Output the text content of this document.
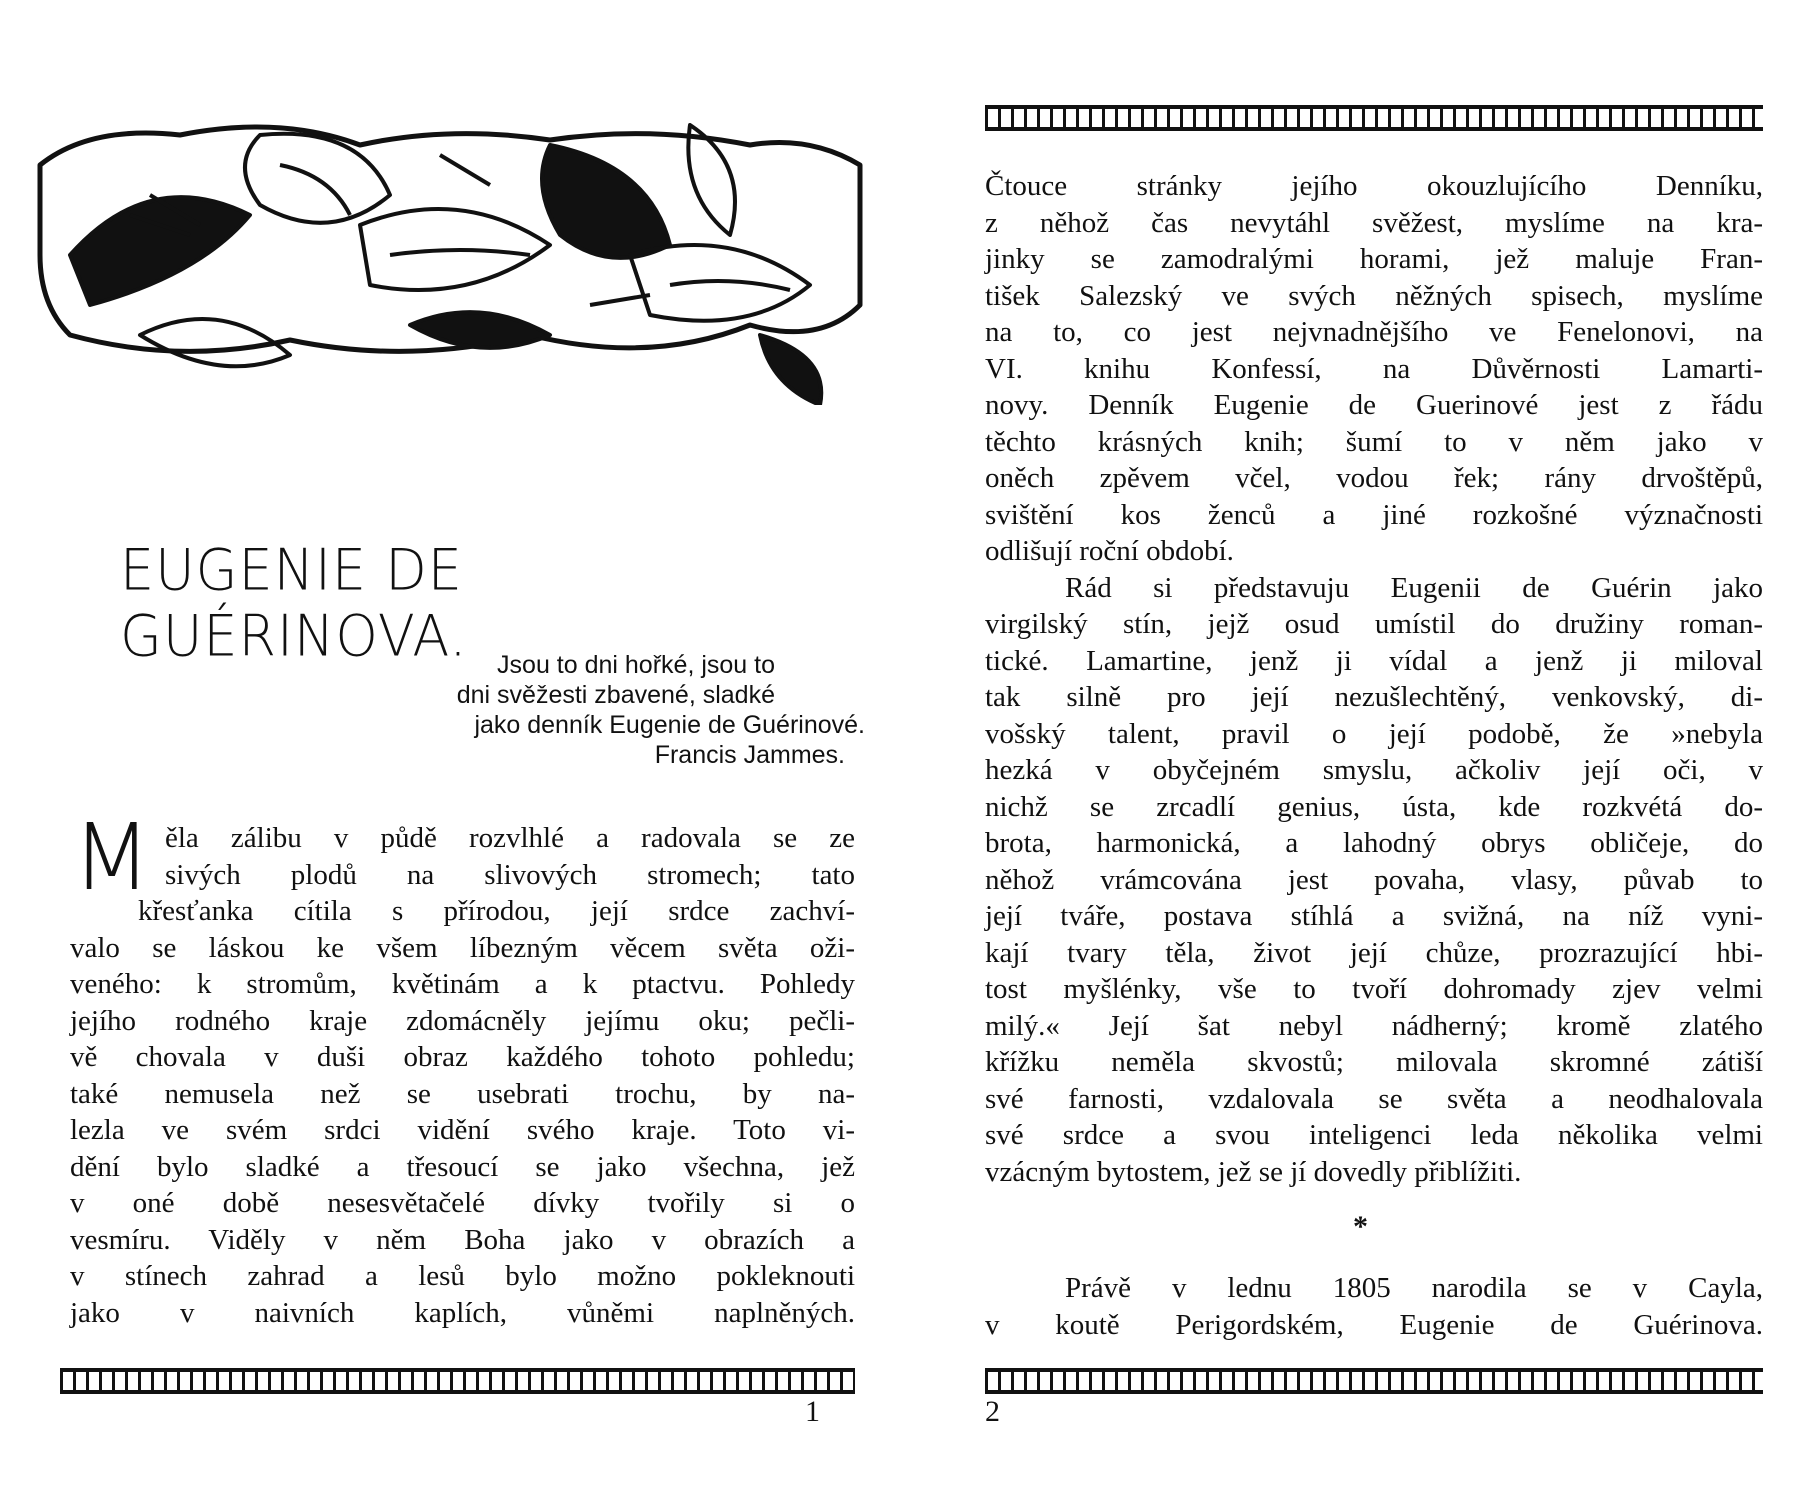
EUGENIE DE GUÉRINOVA.	Jsou to dni hořké, jsou to
dni svěžesti zbavené, sladké
jako denník Eugenie de Guérinové.
Francis Jammes.
M ěla zálibu v půdě rozvlhlé a radovala se ze
sivých plodů na slivových stromech; tato
křesťanka cítila s přírodou, její srdce zachví-
valo se láskou ke všem líbezným věcem světa oži-
veného: k stromům, květinám a k ptactvu. Pohledy
jejího rodného kraje zdomácněly jejímu oku; pečli-
vě chovala v duši obraz každého tohoto pohledu;
také nemusela než se usebrati trochu, by na-
lezla ve svém srdci vidění svého kraje. Toto vi-
dění bylo sladké a třesoucí se jako všechna, jež
v oné době nesesvětačelé dívky tvořily si o
vesmíru. Viděly v něm Boha jako v obrazích a
v stínech zahrad a lesů bylo možno pokleknouti
jako v naivních kaplích, vůněmi naplněných.
1
Čtouce stránky jejího okouzlujícího Denníku,
z něhož čas nevytáhl svěžest, myslíme na kra-
jinky se zamodralými horami, jež maluje Fran-
tišek Salezský ve svých něžných spisech, myslíme
na to, co jest nejvnadnějšího ve Fenelonovi, na
VI. knihu Konfessí, na Důvěrnosti Lamarti-
novy. Denník Eugenie de Guerinové jest z řádu
těchto krásných knih; šumí to v něm jako v
oněch zpěvem včel, vodou řek; rány drvoštěpů,
svištění kos ženců a jiné rozkošné význačnosti
odlišují roční období.
Rád si představuju Eugenii de Guérin jako
virgilský stín, jejž osud umístil do družiny roman-
tické. Lamartine, jenž ji vídal a jenž ji miloval
tak silně pro její nezušlechtěný, venkovský, di-
vošský talent, pravil o její podobě, že »nebyla
hezká v obyčejném smyslu, ačkoliv její oči, v
nichž se zrcadlí genius, ústa, kde rozkvétá do-
brota, harmonická, a lahodný obrys obličeje, do
něhož vrámcována jest povaha, vlasy, půvab to
její tváře, postava stíhlá a svižná, na níž vyni-
kají tvary těla, život její chůze, prozrazující hbi-
tost myšlénky, vše to tvoří dohromady zjev velmi
milý.« Její šat nebyl nádherný; kromě zlatého
křížku neměla skvostů; milovala skromné zátiší
své farnosti, vzdalovala se světa a neodhalovala
své srdce a svou inteligenci leda několika velmi
vzácným bytostem, jež se jí dovedly přiblížiti.
*
Právě v lednu 1805 narodila se v Cayla,
v koutě Perigordském, Eugenie de Guérinova.
2
